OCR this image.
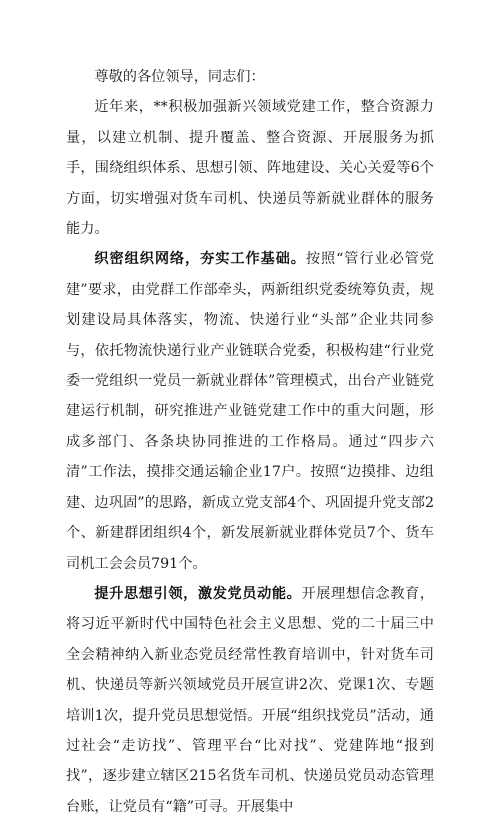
尊敬的各位领导，同志们：

近年来，**积极加强新兴领域党建工作，整合资源力量，以建立机制、提升覆盖、整合资源、开展服务为抓手，围绕组织体系、思想引领、阵地建设、关心关爱等6个方面，切实增强对货车司机、快递员等新就业群体的服务能力。

织密组织网络，夯实工作基础。按照“管行业必管党建”要求，由党群工作部牵头，两新组织党委统筹负责，规划建设局具体落实，物流、快递行业“头部”企业共同参与，依托物流快递行业产业链联合党委，积极构建“行业党委一党组织一党员一新就业群体”管理模式，出台产业链党建运行机制，研究推进产业链党建工作中的重大问题，形成多部门、各条块协同推进的工作格局。通过“四步六清”工作法，摸排交通运输企业17户。按照“边摸排、边组建、边巩固”的思路，新成立党支部4个、巩固提升党支部2个、新建群团组织4个，新发展新就业群体党员7个、货车司机工会会员791个。

提升思想引领，激发党员动能。开展理想信念教育，将习近平新时代中国特色社会主义思想、党的二十届三中全会精神纳入新业态党员经常性教育培训中，针对货车司机、快递员等新兴领域党员开展宣讲2次、党课1次、专题培训1次，提升党员思想觉悟。开展“组织找党员”活动，通过社会“走访找”、管理平台“比对找”、党建阵地“报到找”，逐步建立辖区215名货车司机、快递员党员动态管理台账，让党员有“籍”可寻。开展集中
